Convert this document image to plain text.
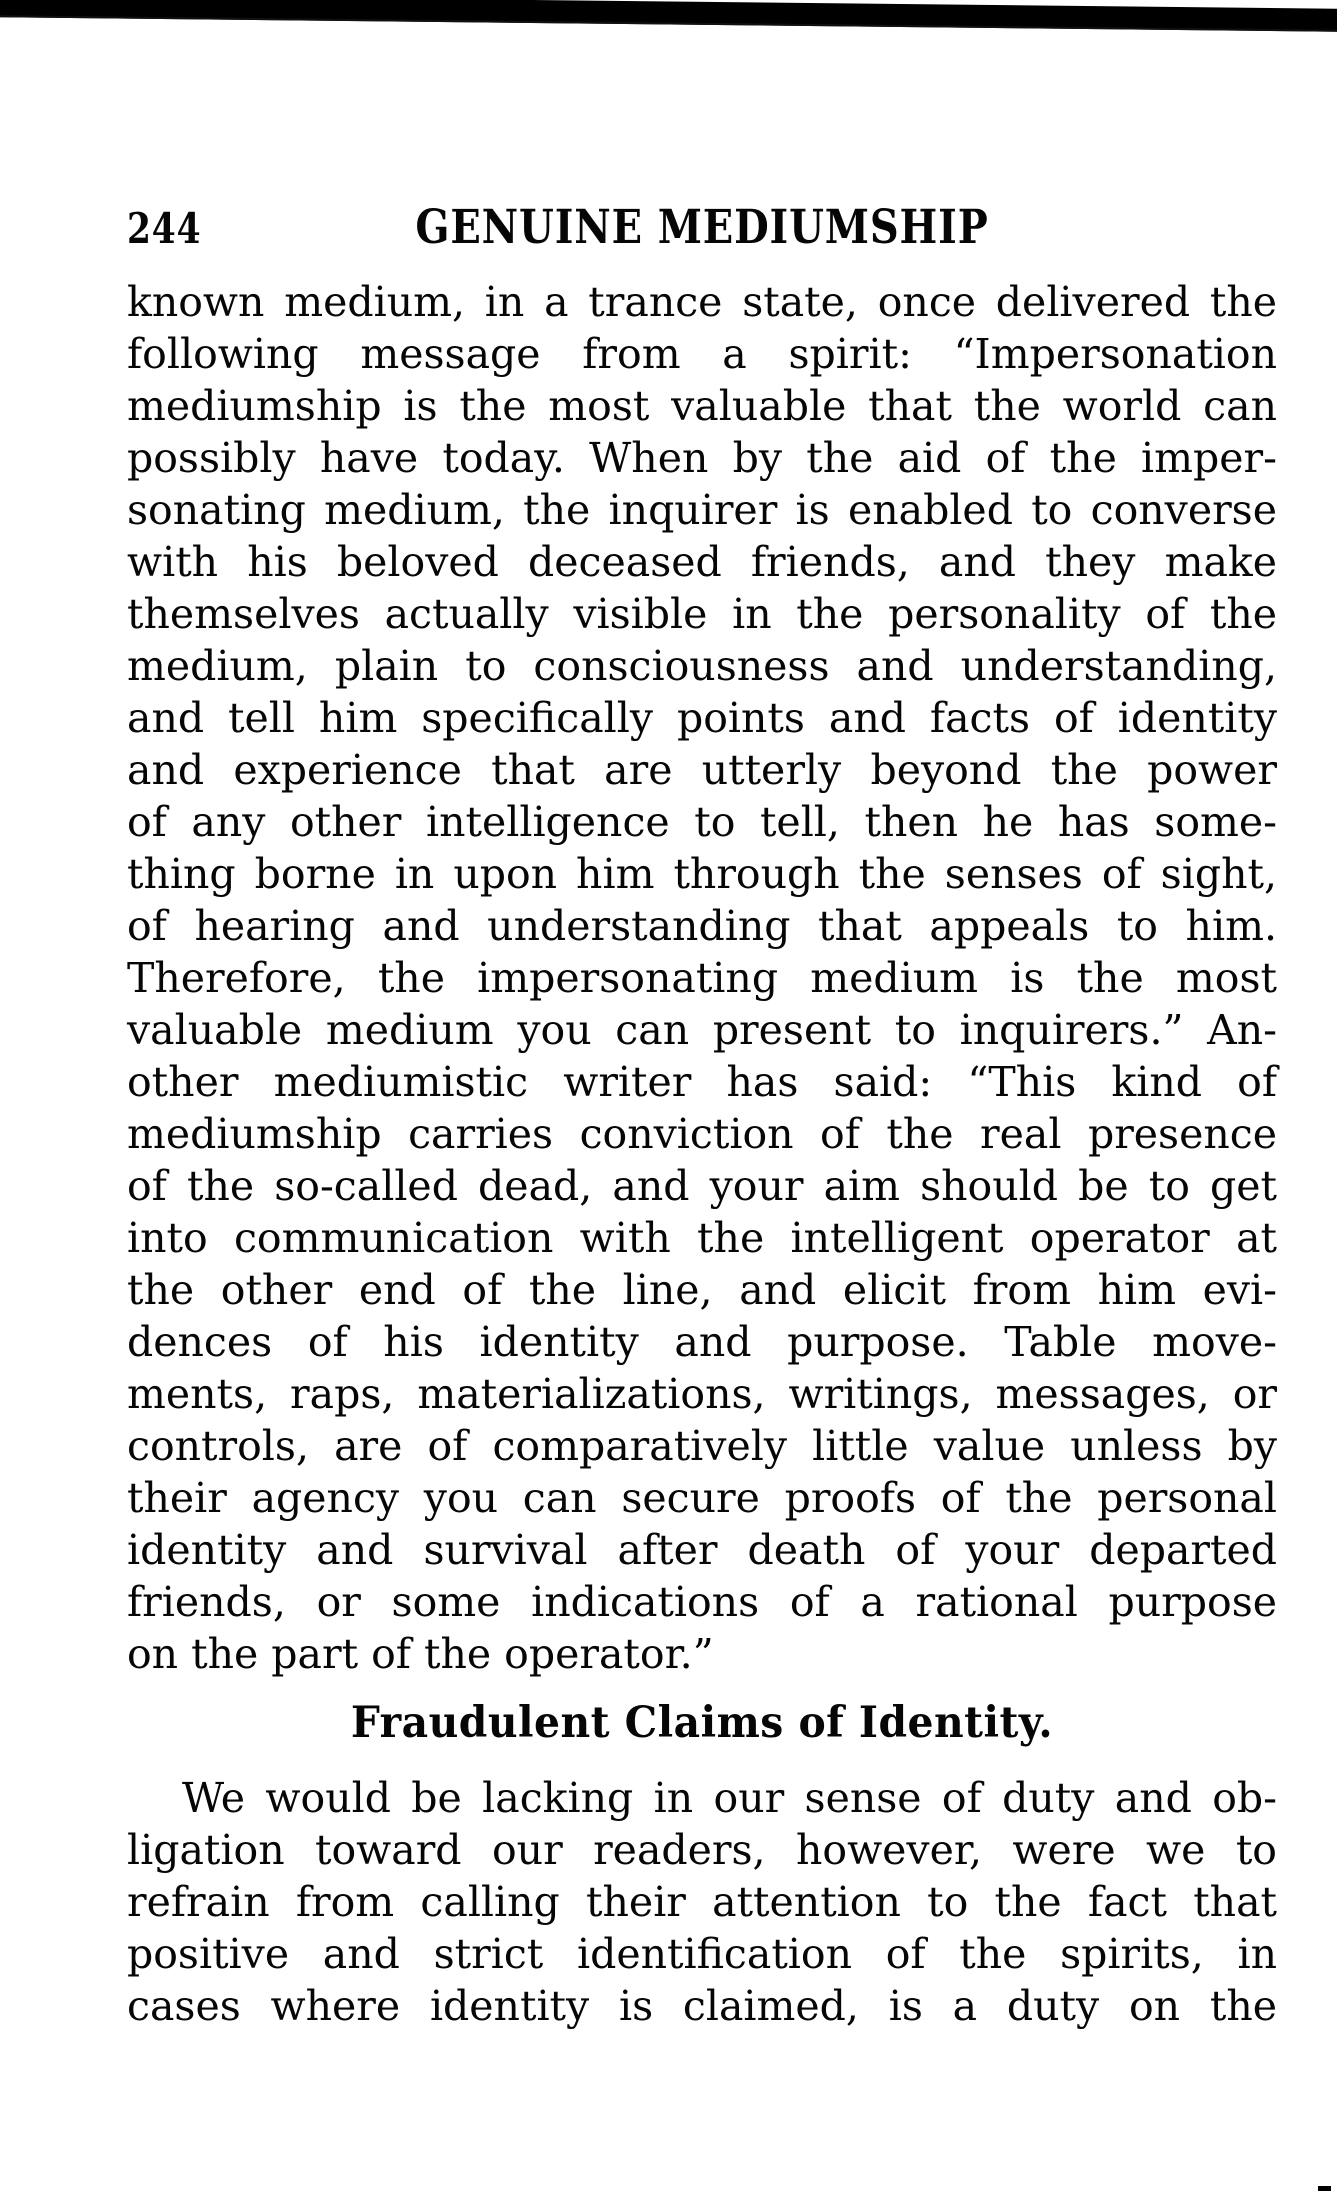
244	GENUINE MEDIUMSHIP
known medium, in a trance state, once delivered the
following message from a spirit: “Impersonation
mediumship is the most valuable that the world can
possibly have today. When by the aid of the imper-
sonating medium, the inquirer is enabled to converse
with his beloved deceased friends, and they make
themselves actually visible in the personality of the
medium, plain to consciousness and understanding,
and tell him specifically points and facts of identity
and experience that are utterly beyond the power
of any other intelligence to tell, then he has some-
thing borne in upon him through the senses of sight,
of hearing and understanding that appeals to him.
Therefore, the impersonating medium is the most
valuable medium you can present to inquirers.” An-
other mediumistic writer has said: “This kind of
mediumship carries conviction of the real presence
of the so-called dead, and your aim should be to get
into communication with the intelligent operator at
the other end of the line, and elicit from him evi-
dences of his identity and purpose. Table move-
ments, raps, materializations, writings, messages, or
controls, are of comparatively little value unless by
their agency you can secure proofs of the personal
identity and survival after death of your departed
friends, or some indications of a rational purpose
on the part of the operator.”
Fraudulent Claims of Identity.
We would be lacking in our sense of duty and ob-
ligation toward our readers, however, were we to
refrain from calling their attention to the fact that
positive and strict identification of the spirits, in
cases where identity is claimed, is a duty on the
